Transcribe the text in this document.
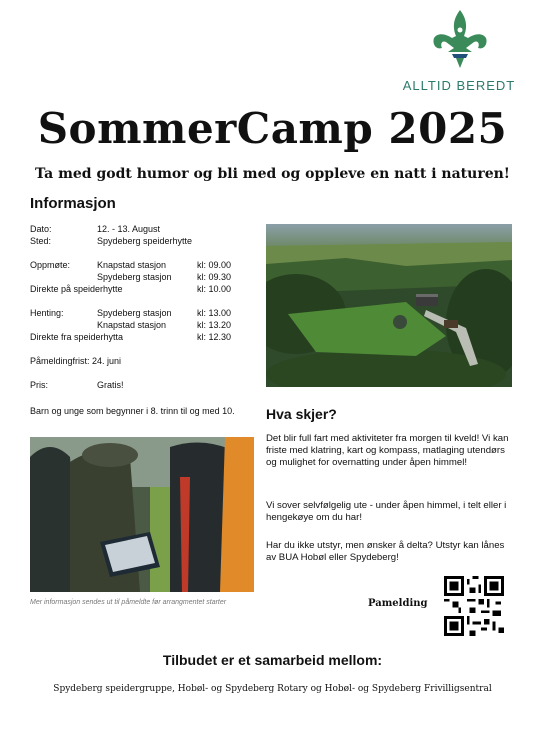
ALLTID BEREDT
SommerCamp 2025
Ta med godt humor og bli med og oppleve en natt i naturen!
Informasjon
Dato:	12. - 13. August
Sted:	Spydeberg speiderhytte
Oppmøte:	Knapstad stasjon	kl: 09.00
Spydeberg stasjon	kl: 09.30
Direkte på speiderhytte	kl: 10.00
Henting:	Spydeberg stasjon	kl: 13.00
Knapstad stasjon	kl: 13.20
Direkte fra speiderhytta	kl: 12.30
Påmeldingfrist: 24. juni
Pris:	Gratis!
Barn og unge som begynner i 8. trinn til og med 10. Hva skjer?
Det blir full fart med aktiviteter fra morgen til kveld! Vi kan friste med klatring, kart og kompass, matlaging utendørs og mulighet for overnatting under åpen himmel!
Vi sover selvfølgelig ute - under åpen himmel, i telt eller i hengekøye om du har!
Har du ikke utstyr, men ønsker å delta? Utstyr kan lånes av BUA Hobøl eller Spydeberg!
Mer informasjon sendes ut til påmeldte før arrangmentet starter	Pamelding
Tilbudet er et samarbeid mellom:
Spydeberg speidergruppe, Hobøl- og Spydeberg Rotary og Hobøl- og Spydeberg Frivilligsentral
